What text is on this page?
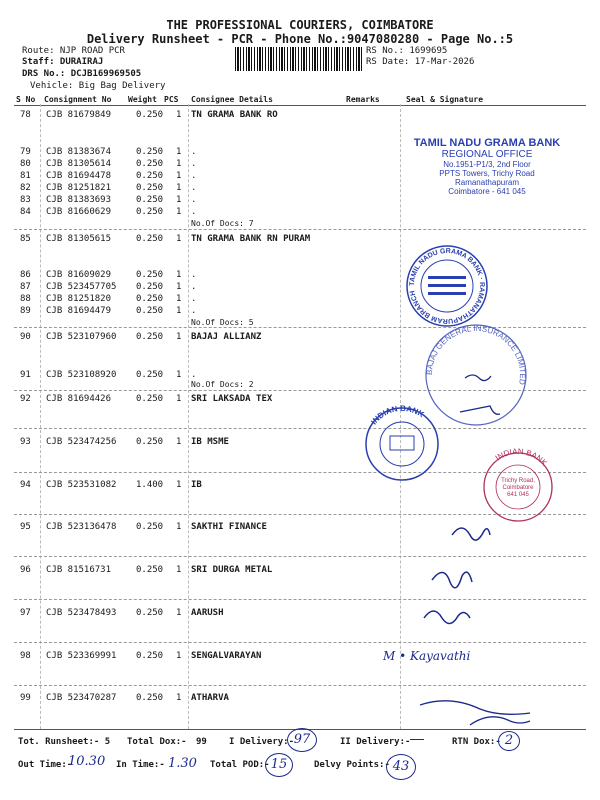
THE PROFESSIONAL COURIERS, COIMBATORE
Delivery Runsheet - PCR - Phone No.:9047080280 - Page No.:5
Route: NJP ROAD PCR
Staff: DURAIRAJ
DRS No.: DCJB169969505
Vehicle: Big Bag Delivery
RS No.: 1699695
RS Date: 17-Mar-2026
S No Consignment No Weight PCS Consignee Details	Remarks	Seal & Signature
78 CJB 81679849	0.250 1 TN GRAMA BANK RO
79 CJB 81383674	0.250 1 .
80 CJB 81305614	0.250 1 .
81 CJB 81694478	0.250 1 .
82 CJB 81251821	0.250 1 .
83 CJB 81383693	0.250 1 .
84 CJB 81660629	0.250 1 .
No.Of Docs: 7
85 CJB 81305615	0.250 1 TN GRAMA BANK RN PURAM
86 CJB 81609029	0.250 1 .
87 CJB 523457705 0.250 1 .
88 CJB 81251820	0.250 1 .
89 CJB 81694479	0.250 1 .
No.Of Docs: 5
90 CJB 523107960 0.250 1 BAJAJ ALLIANZ
91 CJB 523108920 0.250 1 .
No.Of Docs: 2
92 CJB 81694426	0.250 1 SRI LAKSADA TEX
93 CJB 523474256 0.250 1 IB MSME
94 CJB 523531082 1.400 1 IB
95 CJB 523136478 0.250 1 SAKTHI FINANCE
96 CJB 81516731	0.250 1 SRI DURGA METAL
97 CJB 523478493 0.250 1 AARUSH
98 CJB 523369991 0.250 1 SENGALVARAYAN
99 CJB 523470287 0.250 1 ATHARVA
TAMIL NADU GRAMA BANK
REGIONAL OFFICE
No.1951-P1/3, 2nd Floor
PPTS Towers, Trichy Road
Ramanathapuram
Coimbatore - 641 045
TAMIL NADU GRAMA BANK · RAMANATHAPURAM BRANCH
BAJAJ GENERAL INSURANCE LIMITED
INDIAN BANK
INDIAN BANK
Trichy Road,
Coimbatore
641 045
M • Kayavathi
Tot. Runsheet:- 5 Total Dox:- 99 I Delivery:- 97	II Delivery:-	RTN Dox:- 2
Out Time:-
10.30 In Time:- 1.30 Total POD:- 15	Delvy Points:- 43
